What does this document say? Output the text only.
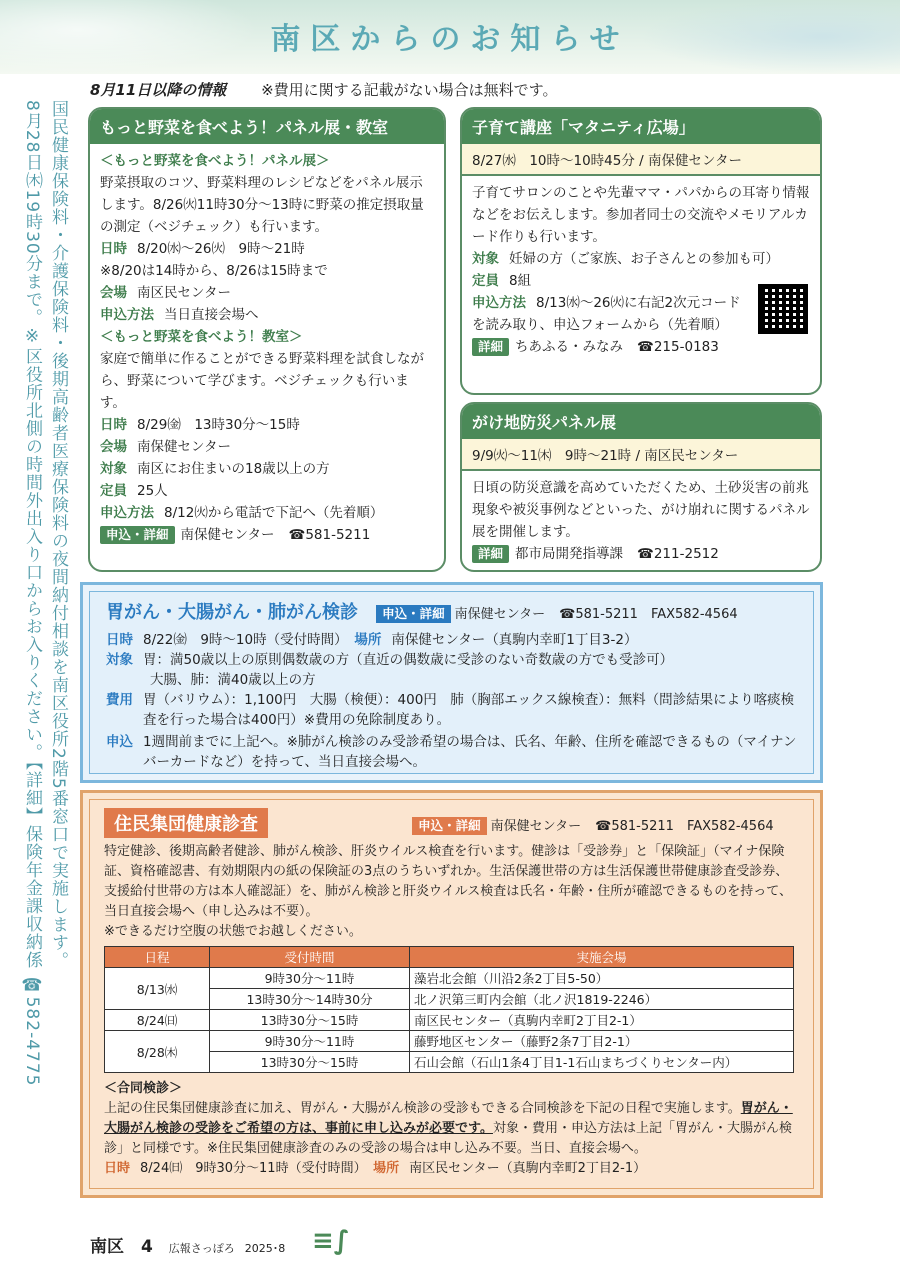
南区からのお知らせ
8月11日以降の情報 ※費用に関する記載がない場合は無料です。
国民健康保険料・介護保険料・後期高齢者医療保険料の夜間納付相談を南区役所2階5番窓口で実施します。
8月28日㈭19時30分まで。※区役所北側の時間外出入り口からお入りください。【詳細】保険年金課収納係 ☎582-4775	もっと野菜を食べよう！パネル展・教室
＜もっと野菜を食べよう！パネル展＞
野菜摂取のコツ、野菜料理のレシピなどをパネル展示します。8/26㈫11時30分～13時に野菜の推定摂取量の測定（ベジチェック）も行います。
日時 8/20㈬～26㈫　9時～21時
※8/20は14時から、8/26は15時まで
会場 南区民センター
申込方法 当日直接会場へ
＜もっと野菜を食べよう！教室＞
家庭で簡単に作ることができる野菜料理を試食しながら、野菜について学びます。ベジチェックも行います。
日時 8/29㈮　13時30分～15時
会場 南保健センター
対象 南区にお住まいの18歳以上の方
定員 25人
申込方法 8/12㈫から電話で下記へ（先着順）
申込・詳細 南保健センター ☎581-5211
子育て講座「マタニティ広場」
8/27㈬　10時～10時45分 / 南保健センター
子育てサロンのことや先輩ママ・パパからの耳寄り情報などをお伝えします。参加者同士の交流やメモリアルカード作りも行います。
対象 妊婦の方（ご家族、お子さんとの参加も可）
定員 8組
申込方法 8/13㈬～26㈫に右記2次元コードを読み取り、申込フォームから（先着順）
詳細 ちあふる・みなみ ☎215-0183
がけ地防災パネル展
9/9㈫～11㈭　9時～21時 / 南区民センター
日頃の防災意識を高めていただくため、土砂災害の前兆現象や被災事例などといった、がけ崩れに関するパネル展を開催します。
詳細 都市局開発指導課 ☎211-2512
胃がん・大腸がん・肺がん検診 申込・詳細 南保健センター ☎581-5211　 FAX582-4564
日時 8/22㈮　9時～10時（受付時間）　 場所 南保健センター（真駒内幸町1丁目3-2）
対象 胃：満50歳以上の原則偶数歳の方（直近の偶数歳に受診のない奇数歳の方でも受診可）
大腸、肺：満40歳以上の方
費用 胃（バリウム）：1,100円　大腸（検便）：400円　肺（胸部エックス線検査）：無料（問診結果により喀痰検査を行った場合は400円）※費用の免除制度あり。
申込 1週間前までに上記へ。※肺がん検診のみ受診希望の場合は、氏名、年齢、住所を確認できるもの（マイナンバーカードなど）を持って、当日直接会場へ。
住民集団健康診査	申込・詳細 南保健センター ☎581-5211　 FAX582-4564
特定健診、後期高齢者健診、肺がん検診、肝炎ウイルス検査を行います。健診は「受診券」と「保険証」（マイナ保険証、資格確認書、有効期限内の紙の保険証の3点のうちいずれか。生活保護世帯の方は生活保護世帯健康診査受診券、支援給付世帯の方は本人確認証）を、肺がん検診と肝炎ウイルス検査は氏名・年齢・住所が確認できるものを持って、当日直接会場へ（申し込みは不要）。
※できるだけ空腹の状態でお越しください。
日程	受付時間	実施会場
8/13㈬	9時30分～11時	藻岩北会館（川沿2条2丁目5-50）
	13時30分～14時30分	北ノ沢第三町内会館（北ノ沢1819-2246）
8/24㈰	13時30分～15時	南区民センター（真駒内幸町2丁目2-1）
8/28㈭	9時30分～11時	藤野地区センター（藤野2条7丁目2-1）
	13時30分～15時	石山会館（石山1条4丁目1-1石山まちづくりセンター内）
＜合同検診＞
上記の住民集団健康診査に加え、胃がん・大腸がん検診の受診もできる合同検診を下記の日程で実施します。胃がん・大腸がん検診の受診をご希望の方は、事前に申し込みが必要です。対象・費用・申込方法は上記「胃がん・大腸がん検診」と同様です。※住民集団健康診査のみの受診の場合は申し込み不要。当日、直接会場へ。
日時 8/24㈰　9時30分～11時（受付時間）　 場所 南区民センター（真駒内幸町2丁目2-1）
南区　 4 広報さっぽろ 2025･8 ≡∫
